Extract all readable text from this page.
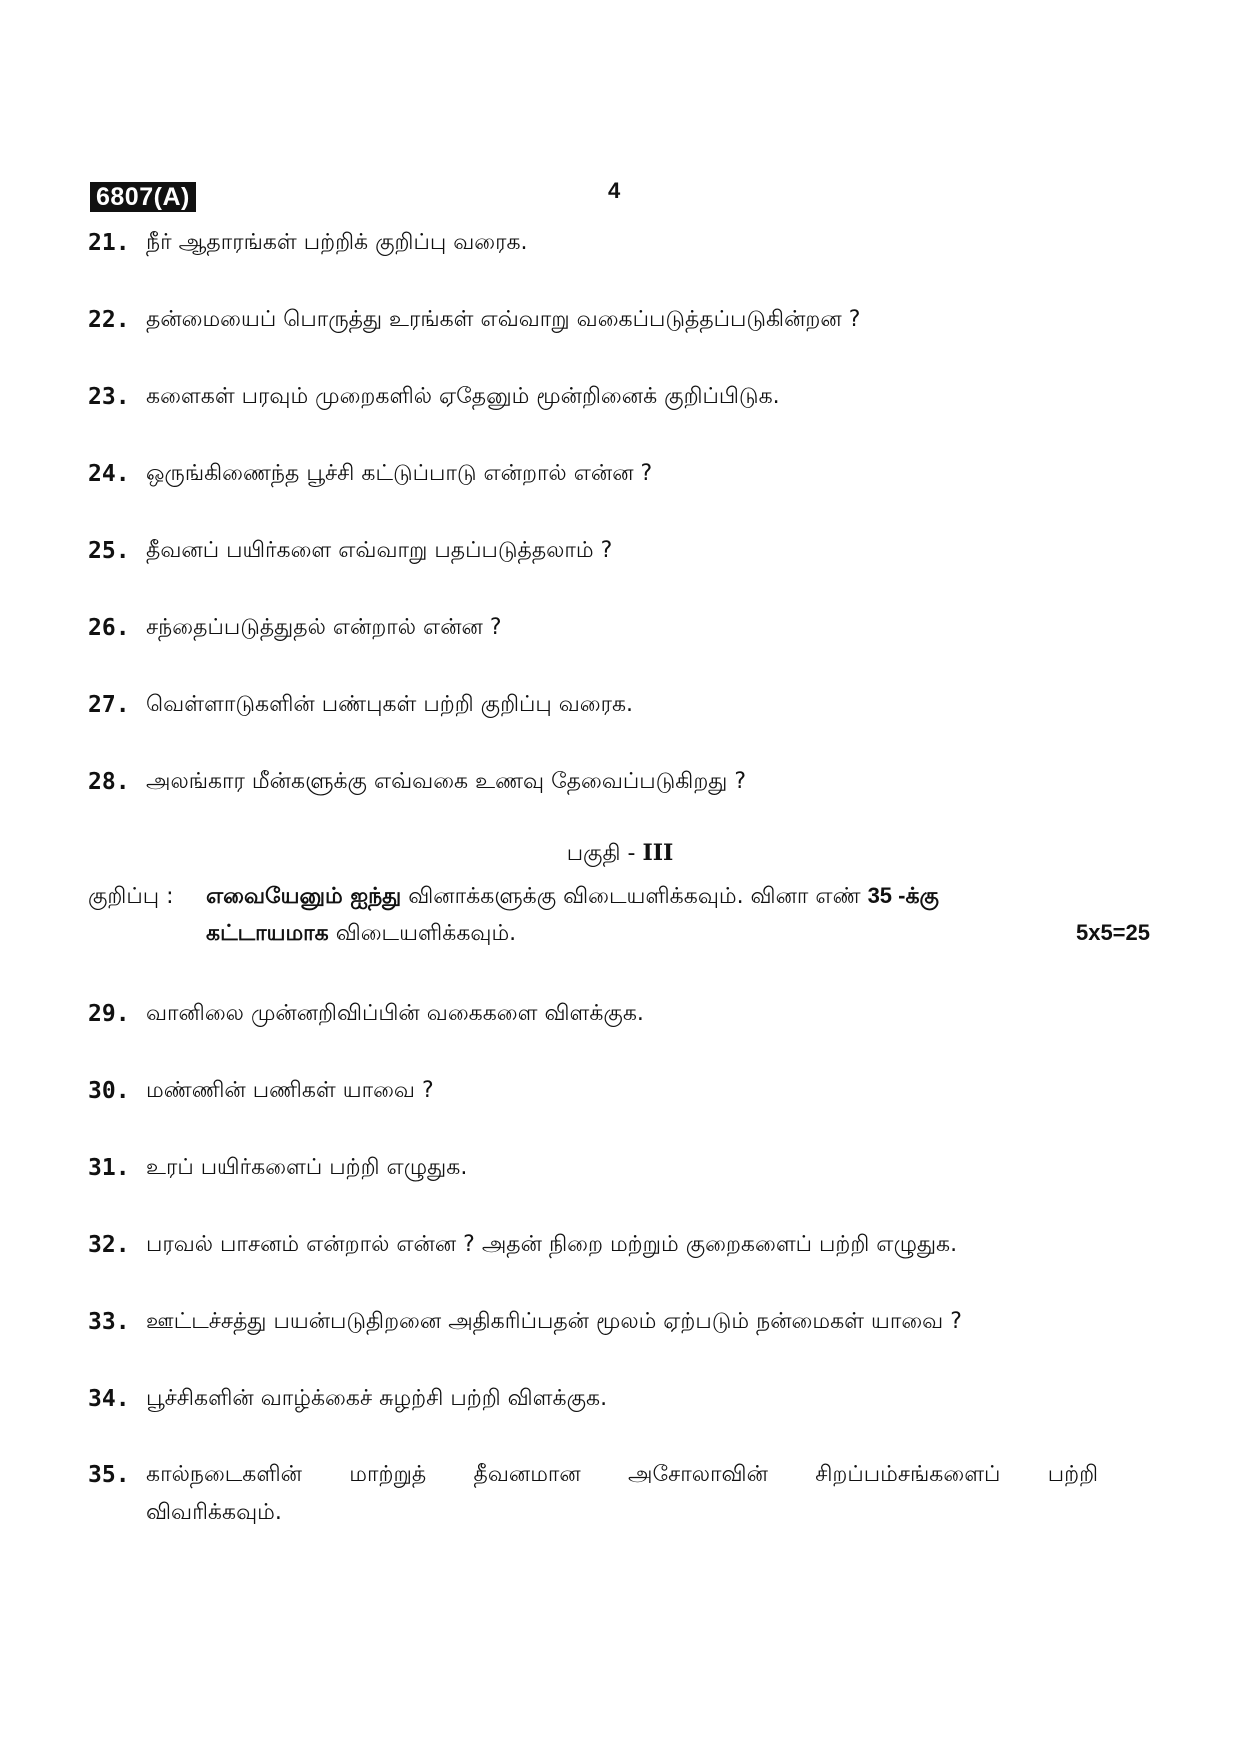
6807(A)	4
21. நீர் ஆதாரங்கள் பற்றிக் குறிப்பு வரைக.
22. தன்மையைப் பொருத்து உரங்கள் எவ்வாறு வகைப்படுத்தப்படுகின்றன ?
23. களைகள் பரவும் முறைகளில் ஏதேனும் மூன்றினைக் குறிப்பிடுக.
24. ஒருங்கிணைந்த பூச்சி கட்டுப்பாடு என்றால் என்ன ?
25. தீவனப் பயிர்களை எவ்வாறு பதப்படுத்தலாம் ?
26. சந்தைப்படுத்துதல் என்றால் என்ன ?
27. வெள்ளாடுகளின் பண்புகள் பற்றி குறிப்பு வரைக.
28. அலங்கார மீன்களுக்கு எவ்வகை உணவு தேவைப்படுகிறது ?
பகுதி - III
குறிப்பு :	எவையேனும் ஐந்து வினாக்களுக்கு விடையளிக்கவும். வினா எண் 35 -க்கு
கட்டாயமாக விடையளிக்கவும்.	5x5=25
29. வானிலை முன்னறிவிப்பின் வகைகளை விளக்குக.
30. மண்ணின் பணிகள் யாவை ?
31. உரப் பயிர்களைப் பற்றி எழுதுக.
32. பரவல் பாசனம் என்றால் என்ன ? அதன் நிறை மற்றும் குறைகளைப் பற்றி எழுதுக.
33. ஊட்டச்சத்து பயன்படுதிறனை அதிகரிப்பதன் மூலம் ஏற்படும் நன்மைகள் யாவை ?
34. பூச்சிகளின் வாழ்க்கைச் சுழற்சி பற்றி விளக்குக.
35. கால்நடைகளின் மாற்றுத் தீவனமான அசோலாவின் சிறப்பம்சங்களைப் பற்றி
விவரிக்கவும்.
